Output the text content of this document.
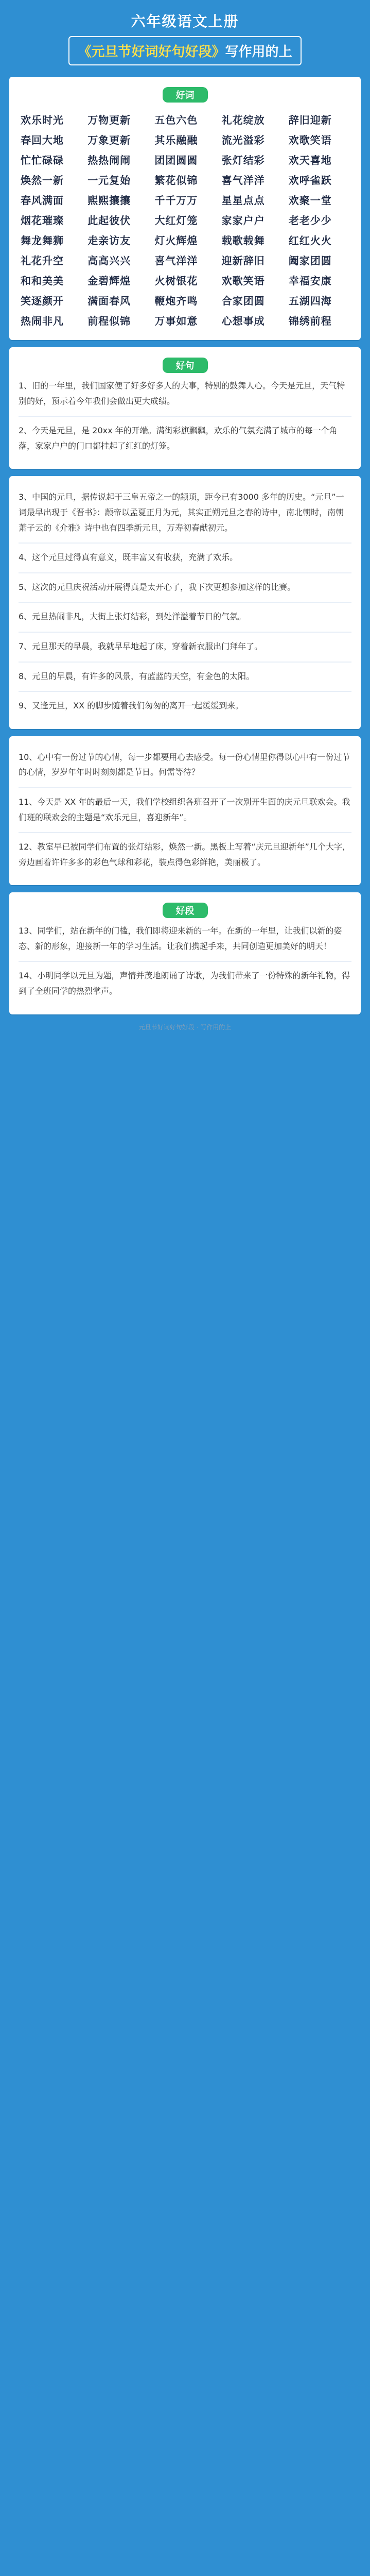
六年级语文上册
《元旦节好词好句好段》写作用的上
好词
欢乐时光	万物更新	五色六色	礼花绽放	辞旧迎新
春回大地	万象更新	其乐融融	流光溢彩	欢歌笑语
忙忙碌碌	热热闹闹	团团圆圆	张灯结彩	欢天喜地
焕然一新	一元复始	繁花似锦	喜气洋洋	欢呼雀跃
春风满面	熙熙攘攘	千千万万	星星点点	欢聚一堂
烟花璀璨	此起彼伏	大红灯笼	家家户户	老老少少
舞龙舞狮	走亲访友	灯火辉煌	载歌载舞	红红火火
礼花升空	高高兴兴	喜气洋洋	迎新辞旧	阖家团圆
和和美美	金碧辉煌	火树银花	欢歌笑语	幸福安康
笑逐颜开	满面春风	鞭炮齐鸣	合家团圆	五湖四海
热闹非凡	前程似锦	万事如意	心想事成	锦绣前程
好句

1、旧的一年里，我们国家便了好多好多人的大事，特别的鼓舞人心。今天是元旦，天气特别的好，预示着今年我们会做出更大成绩。

2、今天是元旦，是 20xx 年的开端。满街彩旗飘飘，欢乐的气氛充满了城市的每一个角落，家家户户的门口都挂起了红红的灯笼。

3、中国的元旦，据传说起于三皇五帝之一的颛顼，距今已有3000 多年的历史。“元旦”一词最早出现于《晋书》：颛帝以孟夏正月为元，其实正朔元旦之春的诗中，南北朝时，南朝萧子云的《介雅》诗中也有四季新元旦，万寿初春献初元。

4、这个元旦过得真有意义，既丰富又有收获，充满了欢乐。

5、这次的元旦庆祝活动开展得真是太开心了，我下次更想参加这样的比赛。

6、元旦热闹非凡，大街上张灯结彩，到处洋溢着节日的气氛。

7、元旦那天的早晨，我就早早地起了床，穿着新衣服出门拜年了。

8、元旦的早晨，有许多的风景，有蓝蓝的天空，有金色的太阳。

9、又逢元旦，XX 的脚步随着我们匆匆的离开一起缓缓到来。

10、心中有一份过节的心情，每一步都要用心去感受。每一份心情里你得以心中有一份过节的心情，岁岁年年时时刻刻都是节日。何需等待？

11、今天是 XX 年的最后一天，我们学校组织各班召开了一次别开生面的庆元旦联欢会。我们班的联欢会的主题是“欢乐元旦，喜迎新年”。

12、教室早已被同学们布置的张灯结彩，焕然一新。黑板上写着“庆元旦迎新年”几个大字，旁边画着许许多多的彩色气球和彩花，装点得色彩鲜艳，美丽极了。

好段

13、同学们，站在新年的门槛，我们即将迎来新的一年。在新的一年里，让我们以新的姿态、新的形象，迎接新一年的学习生活。让我们携起手来，共同创造更加美好的明天！

14、小明同学以元旦为题，声情并茂地朗诵了诗歌，为我们带来了一份特殊的新年礼物，得到了全班同学的热烈掌声。

元旦节好词好句好段 · 写作用的上
